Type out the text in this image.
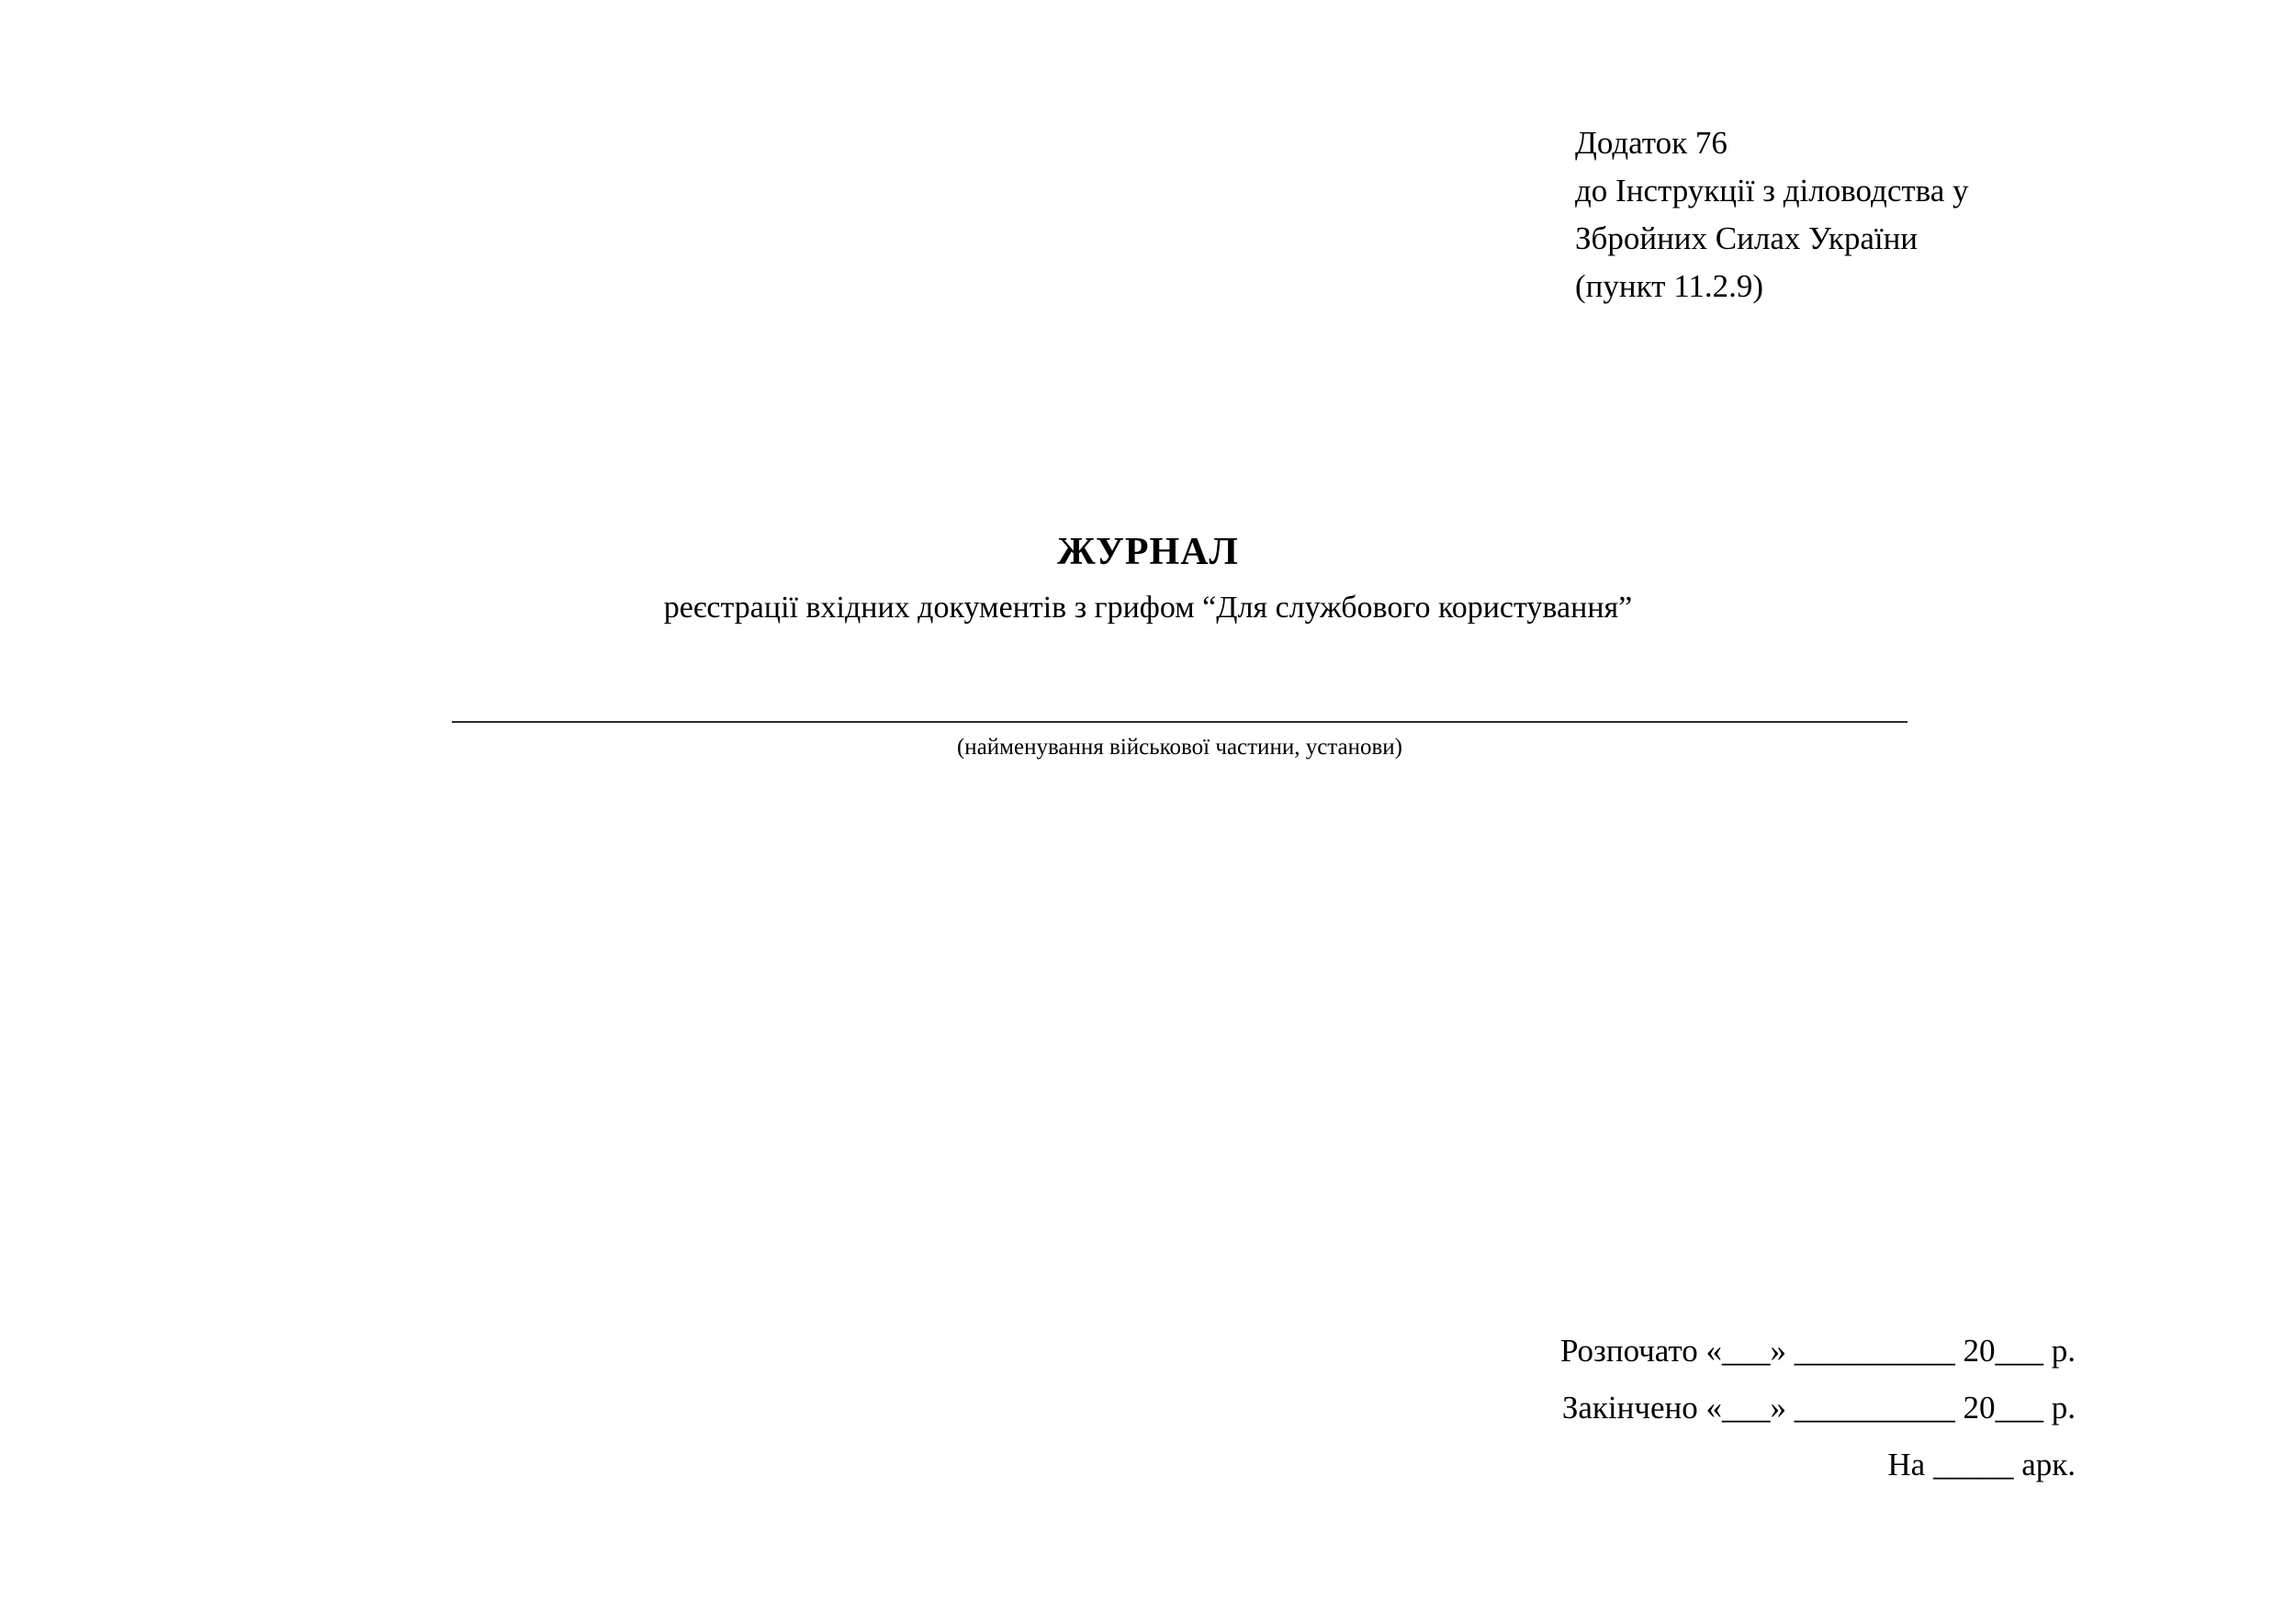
Додаток 76
до Інструкції з діловодства у
Збройних Силах України
(пункт 11.2.9)
ЖУРНАЛ

реєстрації вхідних документів з грифом “Для службового користування”

(найменування військової частини, установи)
Розпочато «___» __________ 20___ р.
Закінчено «___» __________ 20___ р.
На _____ арк.
